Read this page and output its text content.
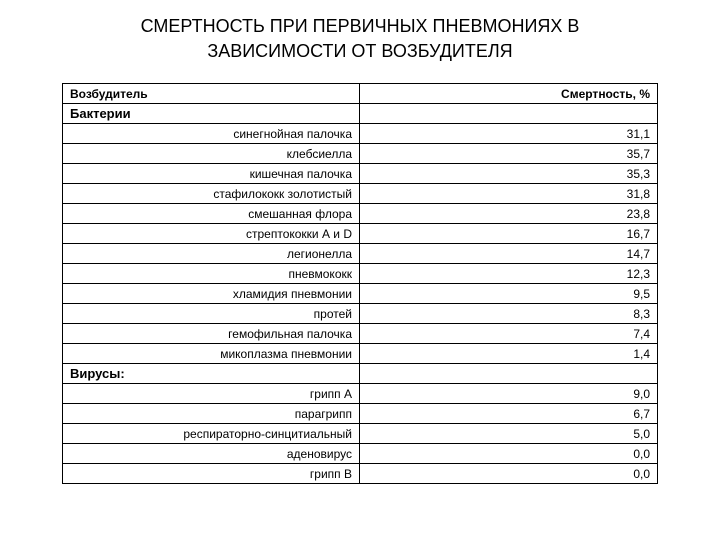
СМЕРТНОСТЬ ПРИ ПЕРВИЧНЫХ ПНЕВМОНИЯХ В
ЗАВИСИМОСТИ ОТ ВОЗБУДИТЕЛЯ
Возбудитель	Смертность, %
Бактерии	
синегнойная палочка	31,1
клебсиелла	35,7
кишечная палочка	35,3
стафилококк золотистый	31,8
смешанная флора	23,8
стрептококки А и D	16,7
легионелла	14,7
пневмококк	12,3
хламидия пневмонии	9,5
протей	8,3
гемофильная палочка	7,4
микоплазма пневмонии	1,4
Вирусы:	
грипп А	9,0
парагрипп	6,7
респираторно-синцитиальный	5,0
аденовирус	0,0
грипп В	0,0
